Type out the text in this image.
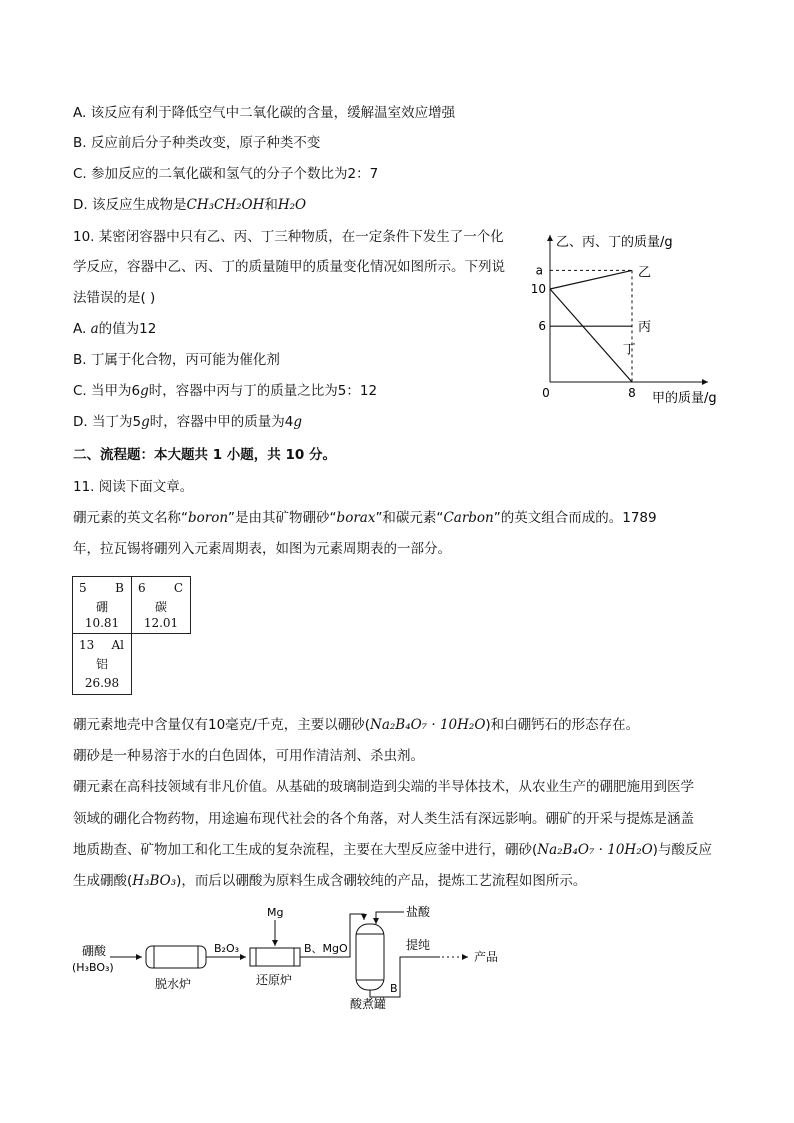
A. 该反应有利于降低空气中二氧化碳的含量，缓解温室效应增强
B. 反应前后分子种类改变，原子种类不变
C. 参加反应的二氧化碳和氢气的分子个数比为2：7
D. 该反应生成物是CH₃CH₂OH和H₂O
10. 某密闭容器中只有乙、丙、丁三种物质，在一定条件下发生了一个化
学反应，容器中乙、丙、丁的质量随甲的质量变化情况如图所示。下列说
法错误的是( )
A. a的值为12
B. 丁属于化合物，丙可能为催化剂
C. 当甲为6g时，容器中丙与丁的质量之比为5：12
D. 当丁为5g时，容器中甲的质量为4g
乙、丙、丁的质量/g
甲的质量/g
0	8
a
10
6
乙
丙
丁
二、流程题：本大题共 1 小题，共 10 分。
11. 阅读下面文章。
硼元素的英文名称“boron”是由其矿物硼砂“borax”和碳元素“Carbon”的英文组合而成的。1789
年，拉瓦锡将硼列入元素周期表，如图为元素周期表的一部分。
5 B
硼
10.81
6 C
碳
12.01
13 Al
铝
26.98
硼元素地壳中含量仅有10毫克/千克，主要以硼砂(Na₂B₄O₇ · 10H₂O)和白硼钙石的形态存在。
硼砂是一种易溶于水的白色固体，可用作清洁剂、杀虫剂。
硼元素在高科技领域有非凡价值。从基础的玻璃制造到尖端的半导体技术，从农业生产的硼肥施用到医学
领域的硼化合物药物，用途遍布现代社会的各个角落，对人类生活有深远影响。硼矿的开采与提炼是涵盖
地质勘查、矿物加工和化工生成的复杂流程，主要在大型反应釜中进行，硼砂(Na₂B₄O₇ · 10H₂O)与酸反应
生成硼酸(H₃BO₃)，而后以硼酸为原料生成含硼较纯的产品，提炼工艺流程如图所示。
硼酸
(H₃BO₃)
脱水炉
B₂O₃
还原炉
Mg
B、MgO
盐酸
酸煮罐
B
提纯
产品
